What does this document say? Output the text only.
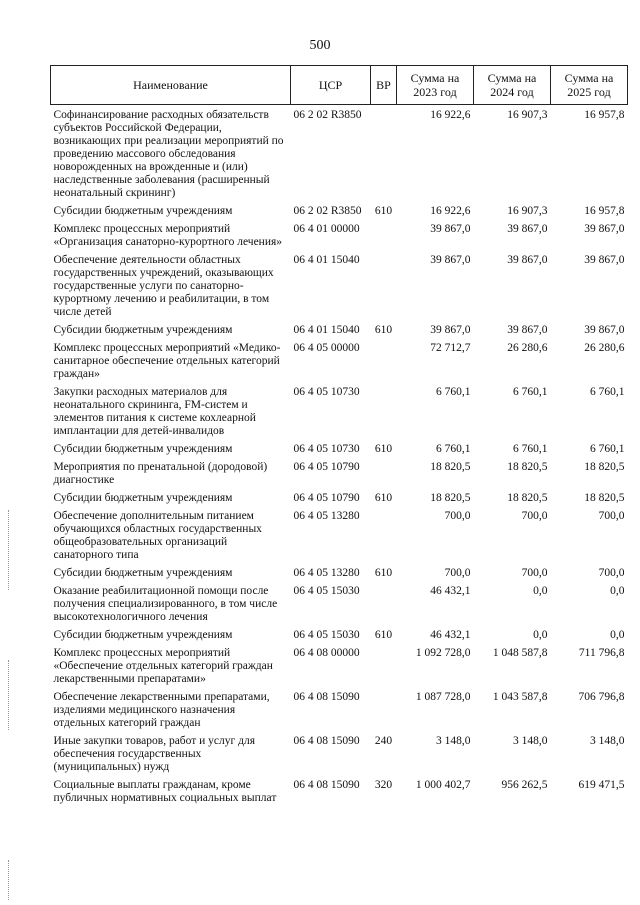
500
Наименование	ЦСР	ВР	Сумма на 2023 год	Сумма на 2024 год	Сумма на 2025 год
Софинансирование расходных обязательств субъектов Российской Федерации, возникающих при реализации мероприятий по проведению массового обследования новорожденных на врожденные и (или) наследственные заболевания (расширенный неонатальный скрининг)	06 2 02 R3850		16 922,6	16 907,3	16 957,8
Субсидии бюджетным учреждениям	06 2 02 R3850	610	16 922,6	16 907,3	16 957,8
Комплекс процессных мероприятий «Организация санаторно-курортного лечения»	06 4 01 00000		39 867,0	39 867,0	39 867,0
Обеспечение деятельности областных государственных учреждений, оказывающих государственные услуги по санаторно-курортному лечению и реабилитации, в том числе детей	06 4 01 15040		39 867,0	39 867,0	39 867,0
Субсидии бюджетным учреждениям	06 4 01 15040	610	39 867,0	39 867,0	39 867,0
Комплекс процессных мероприятий «Медико-санитарное обеспечение отдельных категорий граждан»	06 4 05 00000		72 712,7	26 280,6	26 280,6
Закупки расходных материалов для неонатального скрининга, FM-систем и элементов питания к системе кохлеарной имплантации для детей-инвалидов	06 4 05 10730		6 760,1	6 760,1	6 760,1
Субсидии бюджетным учреждениям	06 4 05 10730	610	6 760,1	6 760,1	6 760,1
Мероприятия по пренатальной (дородовой) диагностике	06 4 05 10790		18 820,5	18 820,5	18 820,5
Субсидии бюджетным учреждениям	06 4 05 10790	610	18 820,5	18 820,5	18 820,5
Обеспечение дополнительным питанием обучающихся областных государственных общеобразовательных организаций санаторного типа	06 4 05 13280		700,0	700,0	700,0
Субсидии бюджетным учреждениям	06 4 05 13280	610	700,0	700,0	700,0
Оказание реабилитационной помощи после получения специализированного, в том числе высокотехнологичного лечения	06 4 05 15030		46 432,1	0,0	0,0
Субсидии бюджетным учреждениям	06 4 05 15030	610	46 432,1	0,0	0,0
Комплекс процессных мероприятий «Обеспечение отдельных категорий граждан лекарственными препаратами»	06 4 08 00000		1 092 728,0	1 048 587,8	711 796,8
Обеспечение лекарственными препаратами, изделиями медицинского назначения отдельных категорий граждан	06 4 08 15090		1 087 728,0	1 043 587,8	706 796,8
Иные закупки товаров, работ и услуг для обеспечения государственных (муниципальных) нужд	06 4 08 15090	240	3 148,0	3 148,0	3 148,0
Социальные выплаты гражданам, кроме публичных нормативных социальных выплат	06 4 08 15090	320	1 000 402,7	956 262,5	619 471,5
